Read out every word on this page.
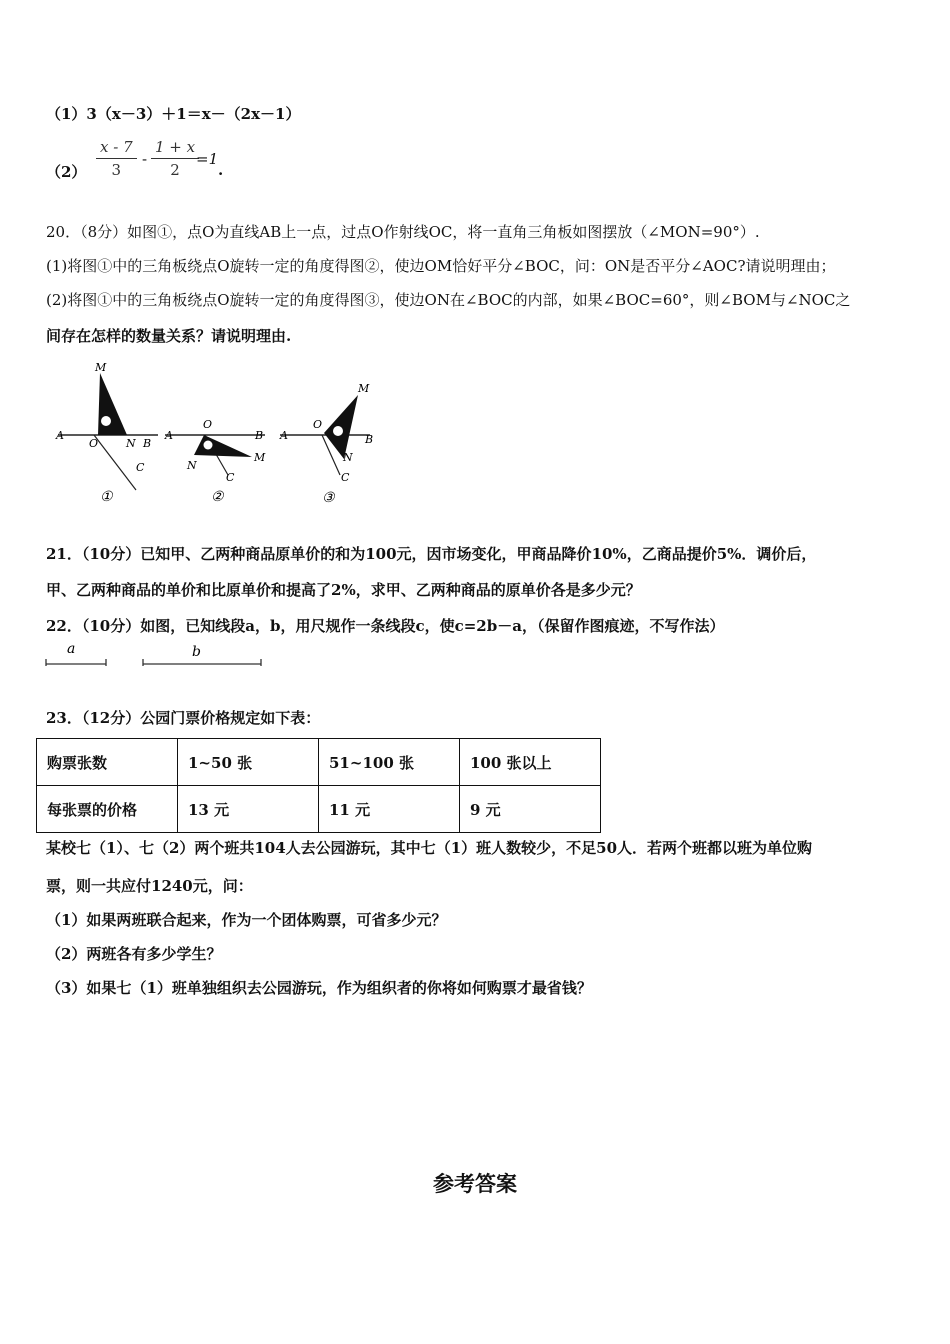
（1）3（x－3）＋1＝x－（2x－1）
（2）
x - 7
3
-
1 + x
2
=1
.
20．（8分）如图①，点O为直线AB上一点，过点O作射线OC，将一直角三角板如图摆放（∠MON=90°）.
(1)将图①中的三角板绕点O旋转一定的角度得图②，使边OM恰好平分∠BOC，问：ON是否平分∠AOC?请说明理由；
(2)将图①中的三角板绕点O旋转一定的角度得图③，使边ON在∠BOC的内部，如果∠BOC=60°，则∠BOM与∠NOC之
间存在怎样的数量关系？请说明理由.
M
A
O	N B
C
①
A
O
B
N
M
C
②
A
O
M
B
N
C
③
21．（10分）已知甲、乙两种商品原单价的和为100元，因市场变化，甲商品降价10%，乙商品提价5%．调价后，
甲、乙两种商品的单价和比原单价和提高了2%，求甲、乙两种商品的原单价各是多少元？
22．（10分）如图，已知线段a，b，用尺规作一条线段c，使c=2b－a，（保留作图痕迹，不写作法）
a	b
23．（12分）公园门票价格规定如下表：
购票张数	1~50 张	51~100 张	100 张以上
每张票的价格	13 元	11 元	9 元
某校七（1）、七（2）两个班共104人去公园游玩，其中七（1）班人数较少，不足50人．若两个班都以班为单位购
票，则一共应付1240元，问：
（1）如果两班联合起来，作为一个团体购票，可省多少元？
（2）两班各有多少学生？
（3）如果七（1）班单独组织去公园游玩，作为组织者的你将如何购票才最省钱？
参考答案
